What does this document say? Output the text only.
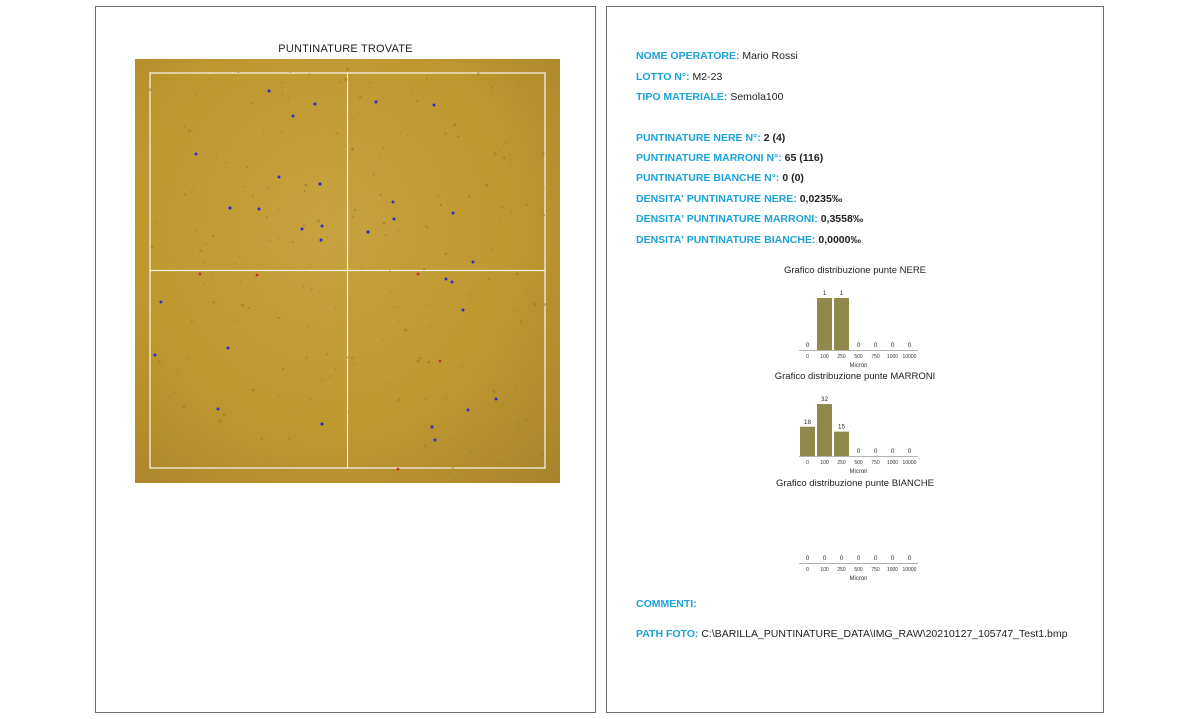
PUNTINATURE TROVATE
NOME OPERATORE: Mario Rossi
LOTTO N°: M2-23
TIPO MATERIALE: Semola100
PUNTINATURE NERE N°: 2 (4)
PUNTINATURE MARRONI N°: 65 (116)
PUNTINATURE BIANCHE N°: 0 (0)
DENSITA' PUNTINATURE NERE: 0,0235‰
DENSITA' PUNTINATURE MARRONI: 0,3558‰
DENSITA' PUNTINATURE BIANCHE: 0,0000‰
Grafico distribuzione punte NERE
0
0
1
100
1
250
0
500
0
750
0
1000
0
10000
Micron
Grafico distribuzione punte MARRONI
18
0
32
100
15
250
0
500
0
750
0
1000
0
10000
Micron
Grafico distribuzione punte BIANCHE
0
0
0
100
0
250
0
500
0
750
0
1000
0
10000
Micron
COMMENTI:
PATH FOTO: C:\BARILLA_PUNTINATURE_DATA\IMG_RAW\20210127_105747_Test1.bmp
